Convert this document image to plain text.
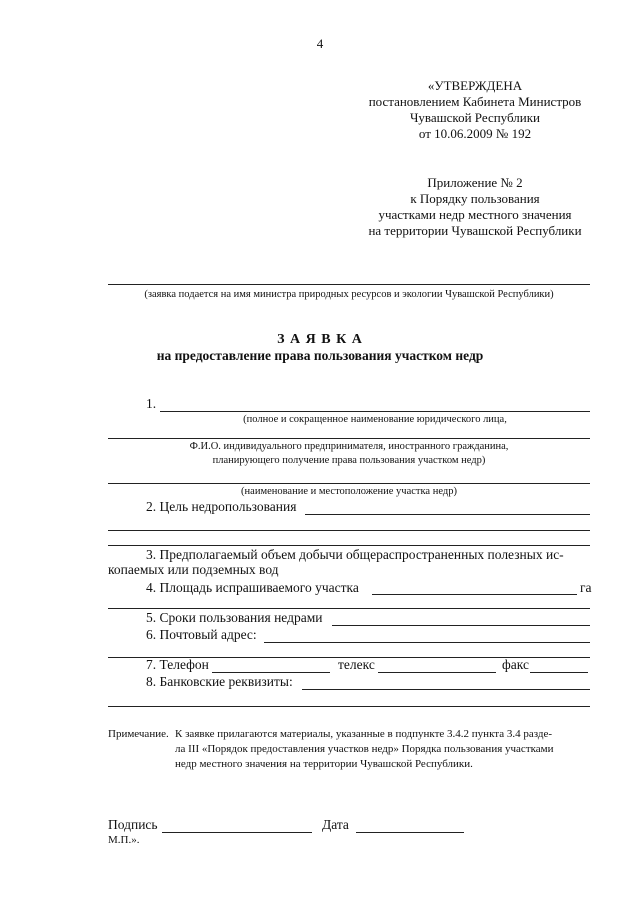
4
«УТВЕРЖДЕНА
постановлением Кабинета Министров
Чувашской Республики
от 10.06.2009 № 192
Приложение № 2
к Порядку пользования
участками недр местного значения
на территории Чувашской Республики
(заявка подается на имя министра природных ресурсов и экологии Чувашской Республики)
З А Я В К А
на предоставление права пользования участком недр
1.
(полное и сокращенное наименование юридического лица,
Ф.И.О. индивидуального предпринимателя, иностранного гражданина,
планирующего получение права пользования участком недр)
(наименование и местоположение участка недр)
2. Цель недропользования
3. Предполагаемый объем добычи общераспространенных полезных ис-
копаемых или подземных вод
4. Площадь испрашиваемого участка	га
5. Сроки пользования недрами
6. Почтовый адрес:
7. Телефон	телекс	факс
8. Банковские реквизиты:
Примечание. К заявке прилагаются материалы, указанные в подпункте 3.4.2 пункта 3.4 разде-
ла III «Порядок предоставления участков недр» Порядка пользования участками
недр местного значения на территории Чувашской Республики.
Подпись	Дата
М.П.».
